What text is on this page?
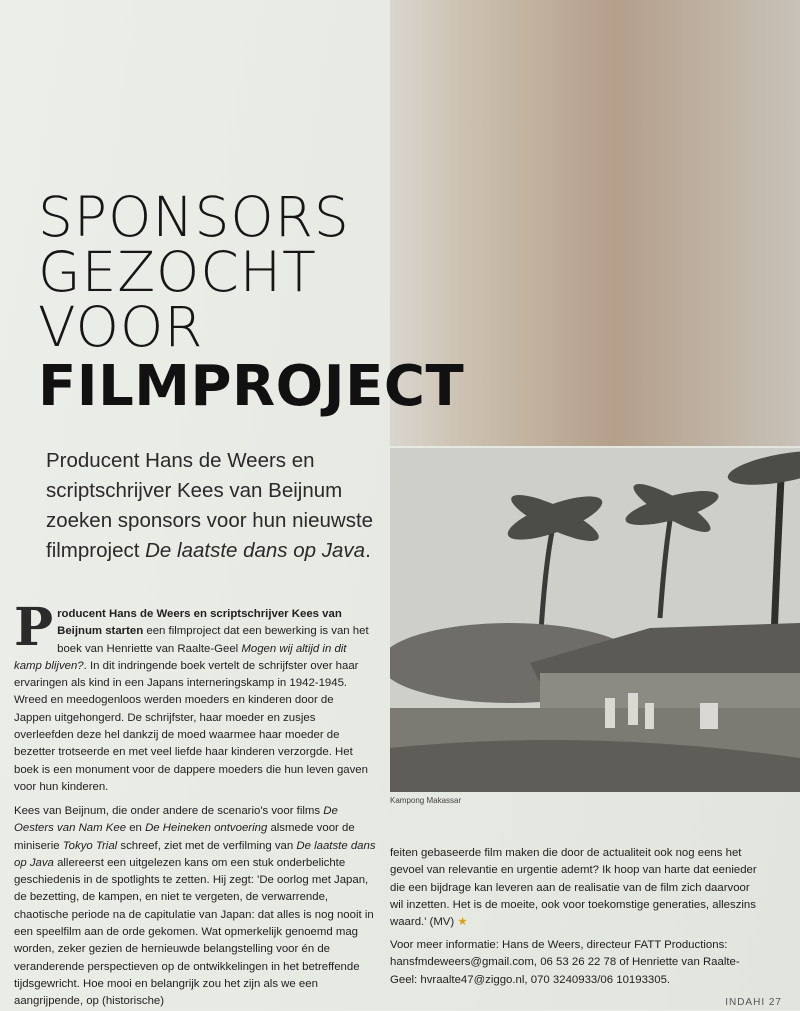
Kampong Makassar
SPONSORS
GEZOCHT
VOOR
FILMPROJECT
Producent Hans de Weers en scriptschrijver Kees van Beijnum zoeken sponsors voor hun nieuwste filmproject De laatste dans op Java.
Producent Hans de Weers en scriptschrijver Kees van Beijnum starten een filmproject dat een bewerking is van het boek van Henriette van Raalte-Geel Mogen wij altijd in dit kamp blijven?. In dit indringende boek vertelt de schrijfster over haar ervaringen als kind in een Japans interneringskamp in 1942-1945. Wreed en meedogenloos werden moeders en kinderen door de Jappen uitgehongerd. De schrijfster, haar moeder en zusjes overleefden deze hel dankzij de moed waarmee haar moeder de bezetter trotseerde en met veel liefde haar kinderen verzorgde. Het boek is een monument voor de dappere moeders die hun leven gaven voor hun kinderen.
Kees van Beijnum, die onder andere de scenario's voor films De Oesters van Nam Kee en De Heineken ontvoering alsmede voor de miniserie Tokyo Trial schreef, ziet met de verfilming van De laatste dans op Java allereerst een uitgelezen kans om een stuk onderbelichte geschiedenis in de spotlights te zetten. Hij zegt: 'De oorlog met Japan, de bezetting, de kampen, en niet te vergeten, de verwarrende, chaotische periode na de capitulatie van Japan: dat alles is nog nooit in een speelfilm aan de orde gekomen. Wat opmerkelijk genoemd mag worden, zeker gezien de hernieuwde belangstelling voor én de veranderende perspectieven op de ontwikkelingen in het betreffende tijdsgewricht. Hoe mooi en belangrijk zou het zijn als we een aangrijpende, op (historische)
feiten gebaseerde film maken die door de actualiteit ook nog eens het gevoel van relevantie en urgentie ademt? Ik hoop van harte dat eenieder die een bijdrage kan leveren aan de realisatie van de film zich daarvoor wil inzetten. Het is de moeite, ook voor toekomstige generaties, alleszins waard.' (MV) ★
Voor meer informatie: Hans de Weers, directeur FATT Productions: hansfmdeweers@gmail.com, 06 53 26 22 78 of Henriette van Raalte-Geel: hvraalte47@ziggo.nl, 070 3240933/06 10193305.
INDAHI 27
